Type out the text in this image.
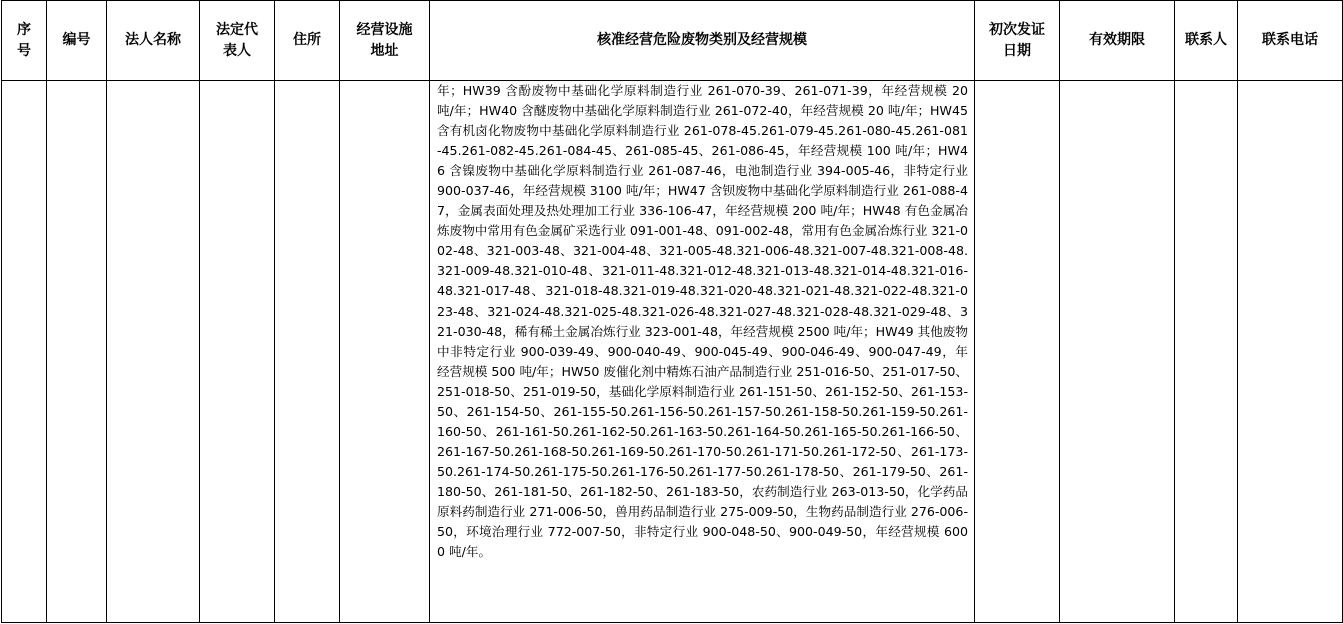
序号	编号	法人名称	法定代表人	住所	经营设施地址	核准经营危险废物类别及经营规模	初次发证日期	有效期限	联系人	联系电话

						年；HW39 含酚废物中基础化学原料制造行业 261-070-39、261-071-39，年经营规模 20 吨/年；HW40 含醚废物中基础化学原料制造行业 261-072-40，年经营规模 20 吨/年；HW45 含有机卤化物废物中基础化学原料制造行业 261-078-45.261-079-45.261-080-45.261-081-45.261-082-45.261-084-45、261-085-45、261-086-45，年经营规模 100 吨/年；HW46 含镍废物中基础化学原料制造行业 261-087-46，电池制造行业 394-005-46，非特定行业 900-037-46，年经营规模 3100 吨/年；HW47 含钡废物中基础化学原料制造行业 261-088-47，金属表面处理及热处理加工行业 336-106-47，年经营规模 200 吨/年；HW48 有色金属冶炼废物中常用有色金属矿采选行业 091-001-48、091-002-48，常用有色金属冶炼行业 321-002-48、321-003-48、321-004-48、321-005-48.321-006-48.321-007-48.321-008-48.321-009-48.321-010-48、321-011-48.321-012-48.321-013-48.321-014-48.321-016-48.321-017-48、321-018-48.321-019-48.321-020-48.321-021-48.321-022-48.321-023-48、321-024-48.321-025-48.321-026-48.321-027-48.321-028-48.321-029-48、321-030-48，稀有稀土金属冶炼行业 323-001-48，年经营规模 2500 吨/年；HW49 其他废物中非特定行业 900-039-49、900-040-49、900-045-49、900-046-49、900-047-49，年经营规模 500 吨/年；HW50 废催化剂中精炼石油产品制造行业 251-016-50、251-017-50、251-018-50、251-019-50，基础化学原料制造行业 261-151-50、261-152-50、261-153-50、261-154-50、261-155-50.261-156-50.261-157-50.261-158-50.261-159-50.261-160-50、261-161-50.261-162-50.261-163-50.261-164-50.261-165-50.261-166-50、261-167-50.261-168-50.261-169-50.261-170-50.261-171-50.261-172-50、261-173-50.261-174-50.261-175-50.261-176-50.261-177-50.261-178-50、261-179-50、261-180-50、261-181-50、261-182-50、261-183-50，农药制造行业 263-013-50，化学药品原料药制造行业 271-006-50，兽用药品制造行业 275-009-50，生物药品制造行业 276-006-50，环境治理行业 772-007-50，非特定行业 900-048-50、900-049-50，年经营规模 6000 吨/年。				
